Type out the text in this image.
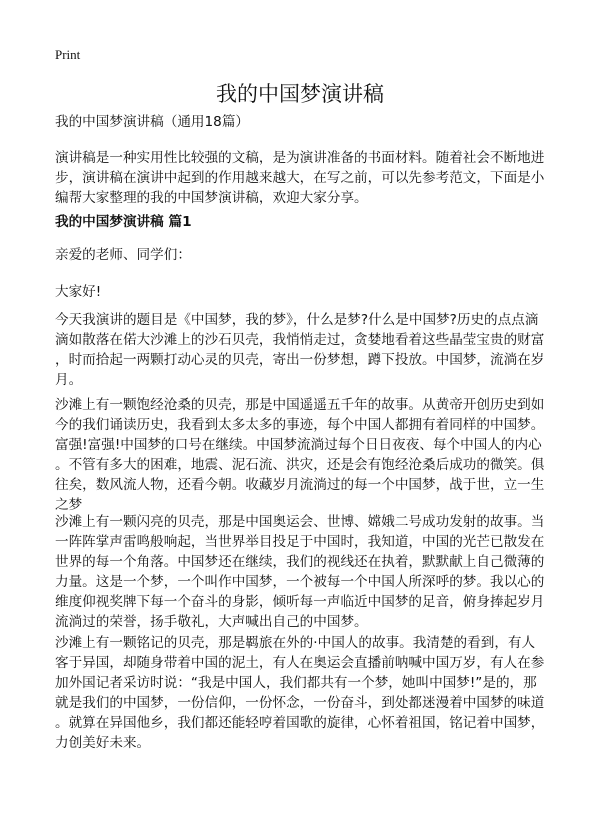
Print
我的中国梦演讲稿
我的中国梦演讲稿（通用18篇）
演讲稿是一种实用性比较强的文稿，是为演讲准备的书面材料。随着社会不断地进
步，演讲稿在演讲中起到的作用越来越大，在写之前，可以先参考范文，下面是小
编帮大家整理的我的中国梦演讲稿，欢迎大家分享。
我的中国梦演讲稿 篇1
亲爱的老师、同学们：
大家好!
今天我演讲的题目是《中国梦，我的梦》，什么是梦?什么是中国梦?历史的点点滴
滴如散落在偌大沙滩上的沙石贝壳，我悄悄走过，贪婪地看着这些晶莹宝贵的财富
，时而拾起一两颗打动心灵的贝壳，寄出一份梦想，蹲下投放。中国梦，流淌在岁
月。
沙滩上有一颗饱经沧桑的贝壳，那是中国遥遥五千年的故事。从黄帝开创历史到如
今的我们诵读历史，我看到太多太多的事迹，每个中国人都拥有着同样的中国梦。
富强!富强!中国梦的口号在继续。中国梦流淌过每个日日夜夜、每个中国人的内心
。不管有多大的困难，地震、泥石流、洪灾，还是会有饱经沧桑后成功的微笑。俱
往矣，数风流人物，还看今朝。收藏岁月流淌过的每一个中国梦，战于世，立一生
之梦
沙滩上有一颗闪亮的贝壳，那是中国奥运会、世博、嫦娥二号成功发射的故事。当
一阵阵掌声雷鸣般响起，当世界举目投足于中国时，我知道，中国的光芒已散发在
世界的每一个角落。中国梦还在继续，我们的视线还在执着，默默献上自己微薄的
力量。这是一个梦，一个叫作中国梦，一个被每一个中国人所深呼的梦。我以心的
维度仰视奖牌下每一个奋斗的身影，倾听每一声临近中国梦的足音，俯身捧起岁月
流淌过的荣誉，扬手敬礼，大声喊出自己的中国梦。
沙滩上有一颗铭记的贝壳，那是羁旅在外的·中国人的故事。我清楚的看到，有人
客于异国，却随身带着中国的泥土，有人在奥运会直播前呐喊中国万岁，有人在参
加外国记者采访时说：“我是中国人，我们都共有一个梦，她叫中国梦!”是的，那
就是我们的中国梦，一份信仰，一份怀念，一份奋斗，到处都迷漫着中国梦的味道
。就算在异国他乡，我们都还能轻哼着国歌的旋律，心怀着祖国，铭记着中国梦，
力创美好未来。
